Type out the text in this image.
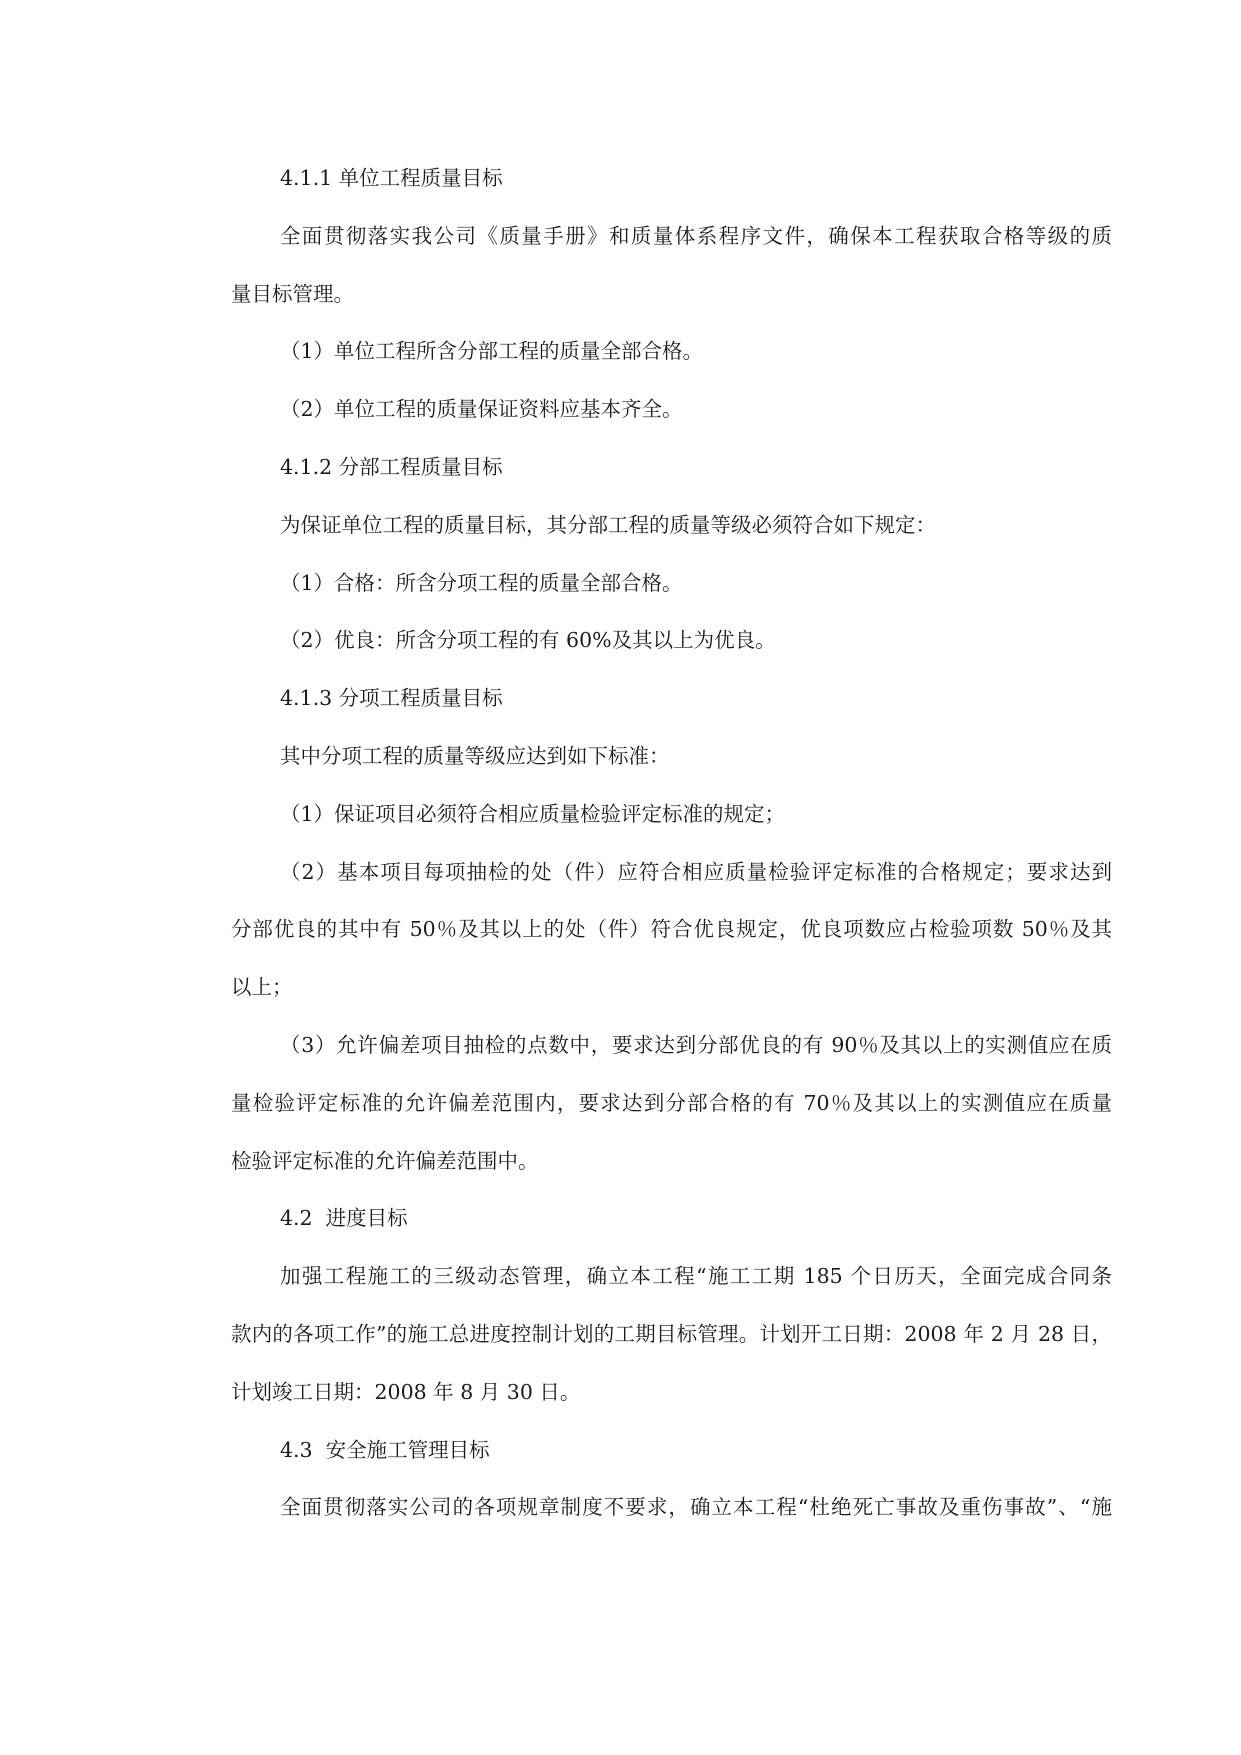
4.1.1 单位工程质量目标
全面贯彻落实我公司《质量手册》和质量体系程序文件，确保本工程获取合格等级的质
量目标管理。
（1）单位工程所含分部工程的质量全部合格。
（2）单位工程的质量保证资料应基本齐全。
4.1.2 分部工程质量目标
为保证单位工程的质量目标，其分部工程的质量等级必须符合如下规定：
（1）合格：所含分项工程的质量全部合格。
（2）优良：所含分项工程的有 60%及其以上为优良。
4.1.3 分项工程质量目标
其中分项工程的质量等级应达到如下标准：
（1）保证项目必须符合相应质量检验评定标准的规定；
（2）基本项目每项抽检的处（件）应符合相应质量检验评定标准的合格规定；要求达到
分部优良的其中有 50％及其以上的处（件）符合优良规定，优良项数应占检验项数 50％及其
以上；
（3）允许偏差项目抽检的点数中，要求达到分部优良的有 90％及其以上的实测值应在质
量检验评定标准的允许偏差范围内，要求达到分部合格的有 70％及其以上的实测值应在质量
检验评定标准的允许偏差范围中。
4.2  进度目标
加强工程施工的三级动态管理，确立本工程“施工工期 185 个日历天，全面完成合同条
款内的各项工作”的施工总进度控制计划的工期目标管理。计划开工日期：2008 年 2 月 28 日，
计划竣工日期：2008 年 8 月 30 日。
4.3  安全施工管理目标
全面贯彻落实公司的各项规章制度不要求，确立本工程“杜绝死亡事故及重伤事故”、“施
